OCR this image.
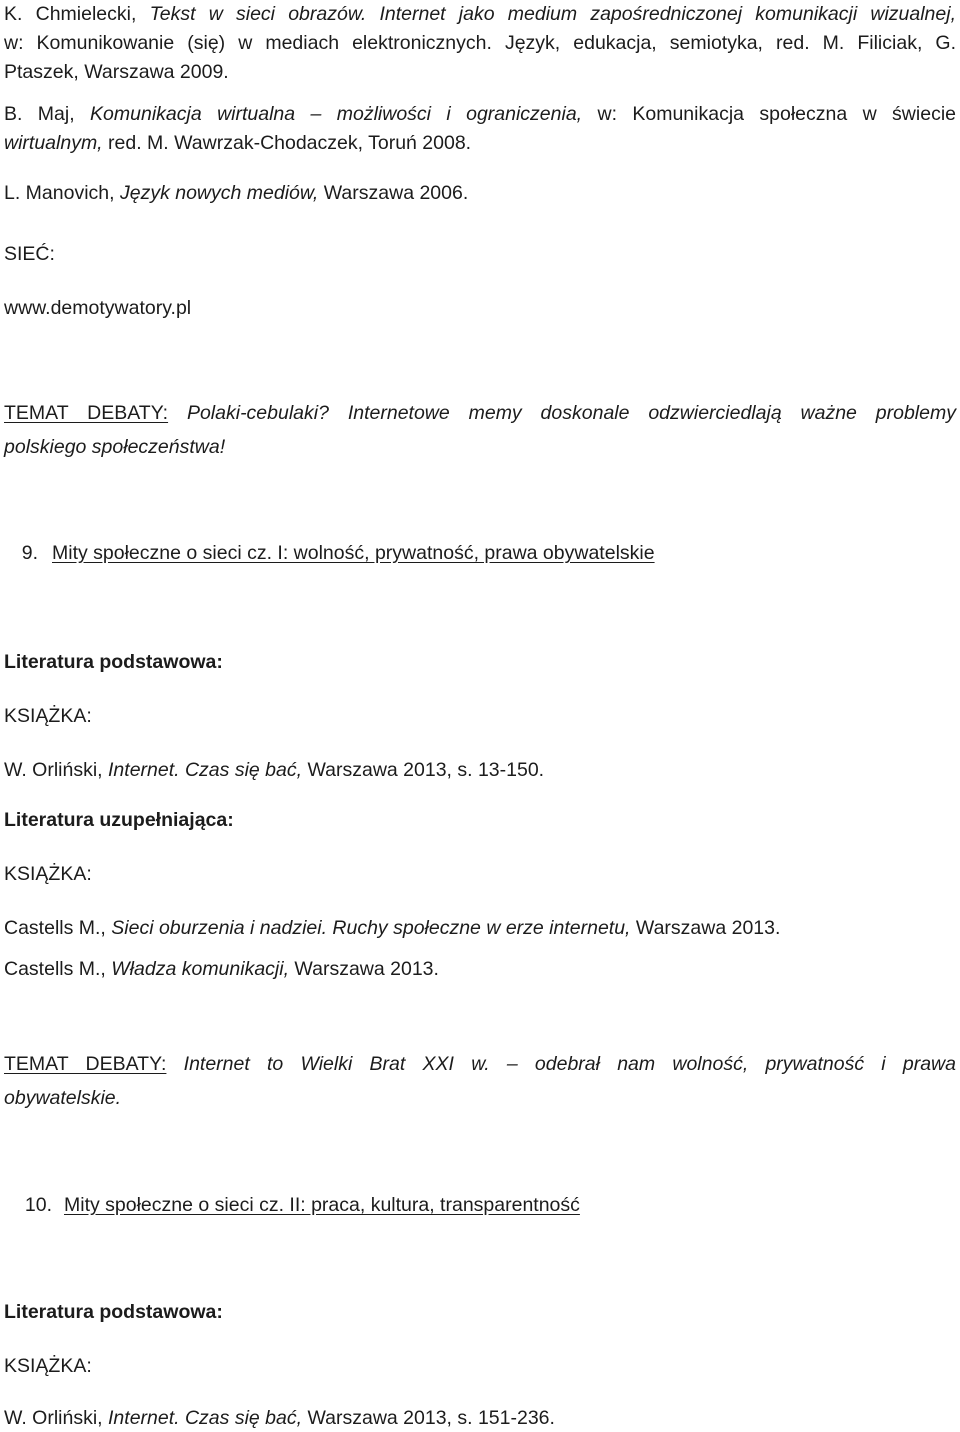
K. Chmielecki, Tekst w sieci obrazów. Internet jako medium zapośredniczonej komunikacji wizualnej,
w: Komunikowanie (się) w mediach elektronicznych. Język, edukacja, semiotyka, red. M. Filiciak, G.
Ptaszek, Warszawa 2009.
B. Maj, Komunikacja wirtualna – możliwości i ograniczenia, w: Komunikacja społeczna w świecie
wirtualnym, red. M. Wawrzak-Chodaczek, Toruń 2008.
L. Manovich, Język nowych mediów, Warszawa 2006.
SIEĆ:
www.demotywatory.pl
TEMAT DEBATY: Polaki-cebulaki? Internetowe memy doskonale odzwierciedlają ważne problemy
polskiego społeczeństwa!
9. Mity społeczne o sieci cz. I: wolność, prywatność, prawa obywatelskie
Literatura podstawowa:
KSIĄŻKA:
W. Orliński, Internet. Czas się bać, Warszawa 2013, s. 13-150.
Literatura uzupełniająca:
KSIĄŻKA:
Castells M., Sieci oburzenia i nadziei. Ruchy społeczne w erze internetu, Warszawa 2013.
Castells M., Władza komunikacji, Warszawa 2013.
TEMAT DEBATY: Internet to Wielki Brat XXI w. – odebrał nam wolność, prywatność i prawa
obywatelskie.
10. Mity społeczne o sieci cz. II: praca, kultura, transparentność
Literatura podstawowa:
KSIĄŻKA:
W. Orliński, Internet. Czas się bać, Warszawa 2013, s. 151-236.
